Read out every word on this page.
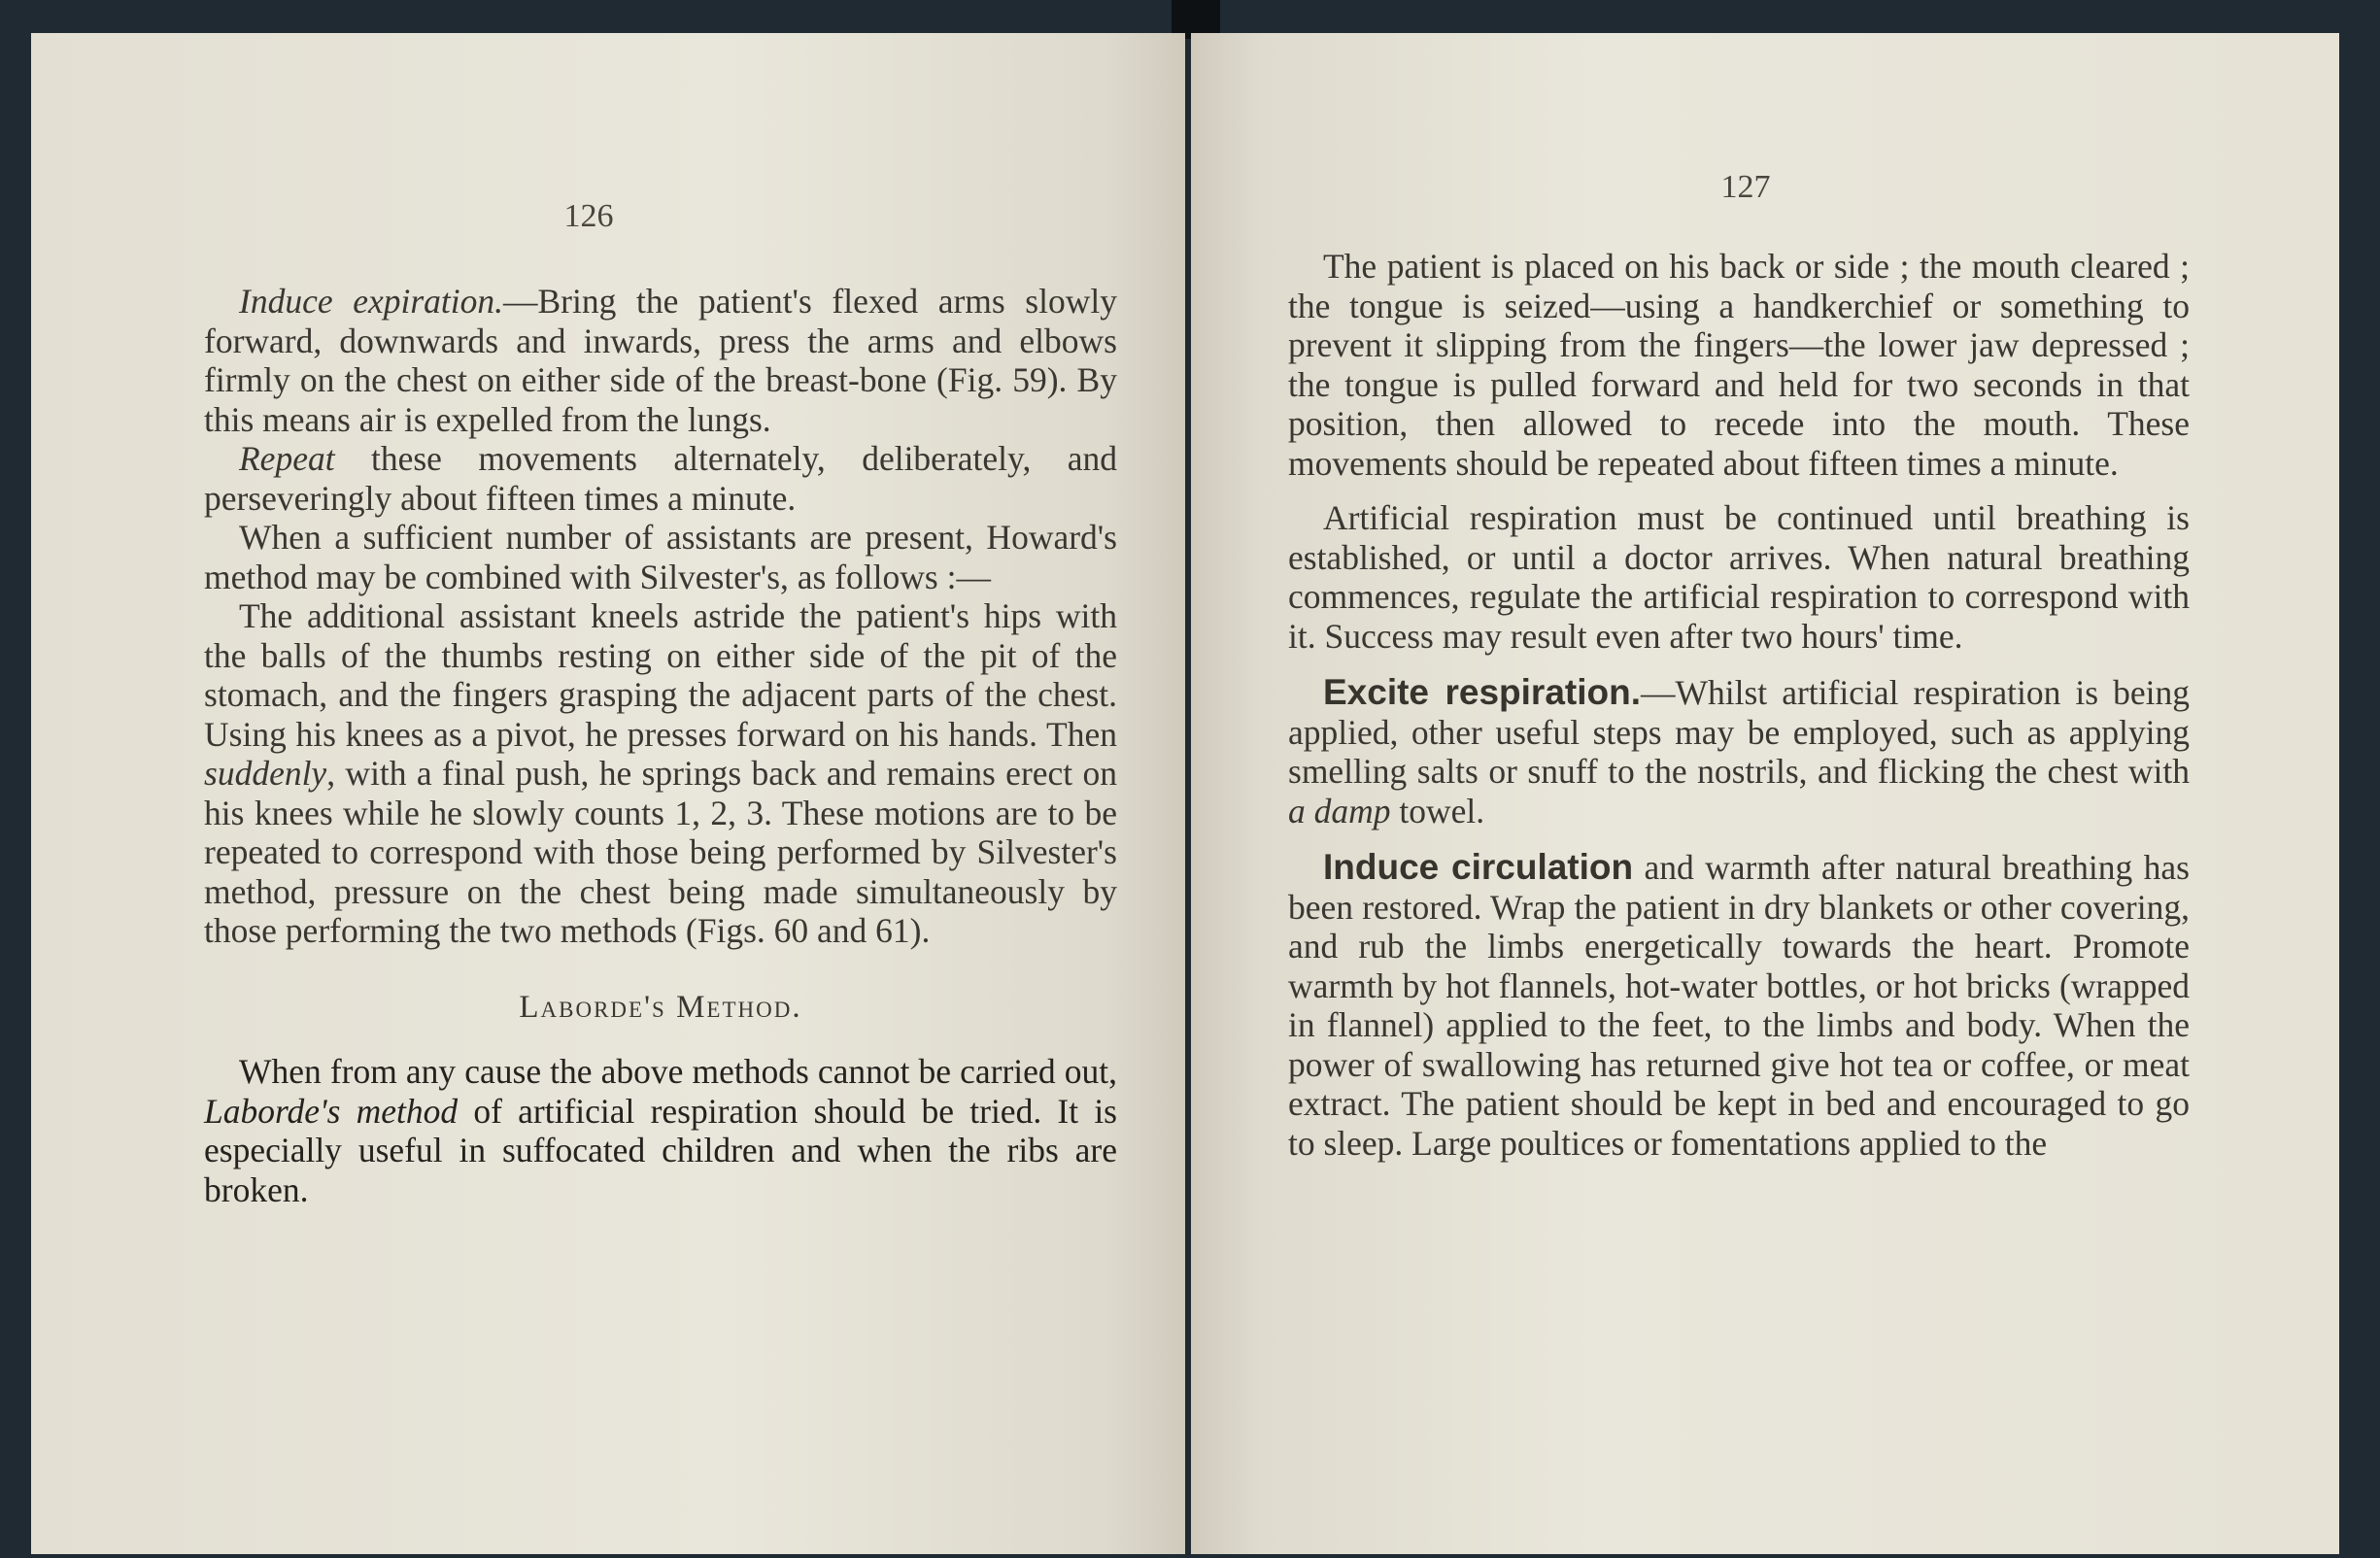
126

Induce expiration.—Bring the patient's flexed arms slowly forward, downwards and inwards, press the arms and elbows firmly on the chest on either side of the breast-bone (Fig. 59). By this means air is expelled from the lungs.

Repeat these movements alternately, deliberately, and perseveringly about fifteen times a minute.

When a sufficient number of assistants are present, Howard's method may be combined with Silvester's, as follows :—

The additional assistant kneels astride the patient's hips with the balls of the thumbs resting on either side of the pit of the stomach, and the fingers grasping the adjacent parts of the chest. Using his knees as a pivot, he presses forward on his hands. Then suddenly, with a final push, he springs back and remains erect on his knees while he slowly counts 1, 2, 3. These motions are to be repeated to correspond with those being performed by Silvester's method, pressure on the chest being made simultaneously by those performing the two methods (Figs. 60 and 61).

Laborde's Method.

When from any cause the above methods cannot be carried out, Laborde's method of artificial respiration should be tried. It is especially useful in suffocated children and when the ribs are broken.

127

The patient is placed on his back or side ; the mouth cleared ; the tongue is seized—using a handkerchief or something to prevent it slipping from the fingers—the lower jaw depressed ; the tongue is pulled forward and held for two seconds in that position, then allowed to recede into the mouth. These movements should be repeated about fifteen times a minute.

Artificial respiration must be continued until breathing is established, or until a doctor arrives. When natural breathing commences, regulate the artificial respiration to correspond with it. Success may result even after two hours' time.

Excite respiration.—Whilst artificial respiration is being applied, other useful steps may be employed, such as applying smelling salts or snuff to the nostrils, and flicking the chest with a damp towel.

Induce circulation and warmth after natural breathing has been restored. Wrap the patient in dry blankets or other covering, and rub the limbs energetically towards the heart. Promote warmth by hot flannels, hot-water bottles, or hot bricks (wrapped in flannel) applied to the feet, to the limbs and body. When the power of swallowing has returned give hot tea or coffee, or meat extract. The patient should be kept in bed and encouraged to go to sleep. Large poultices or fomentations applied to the
